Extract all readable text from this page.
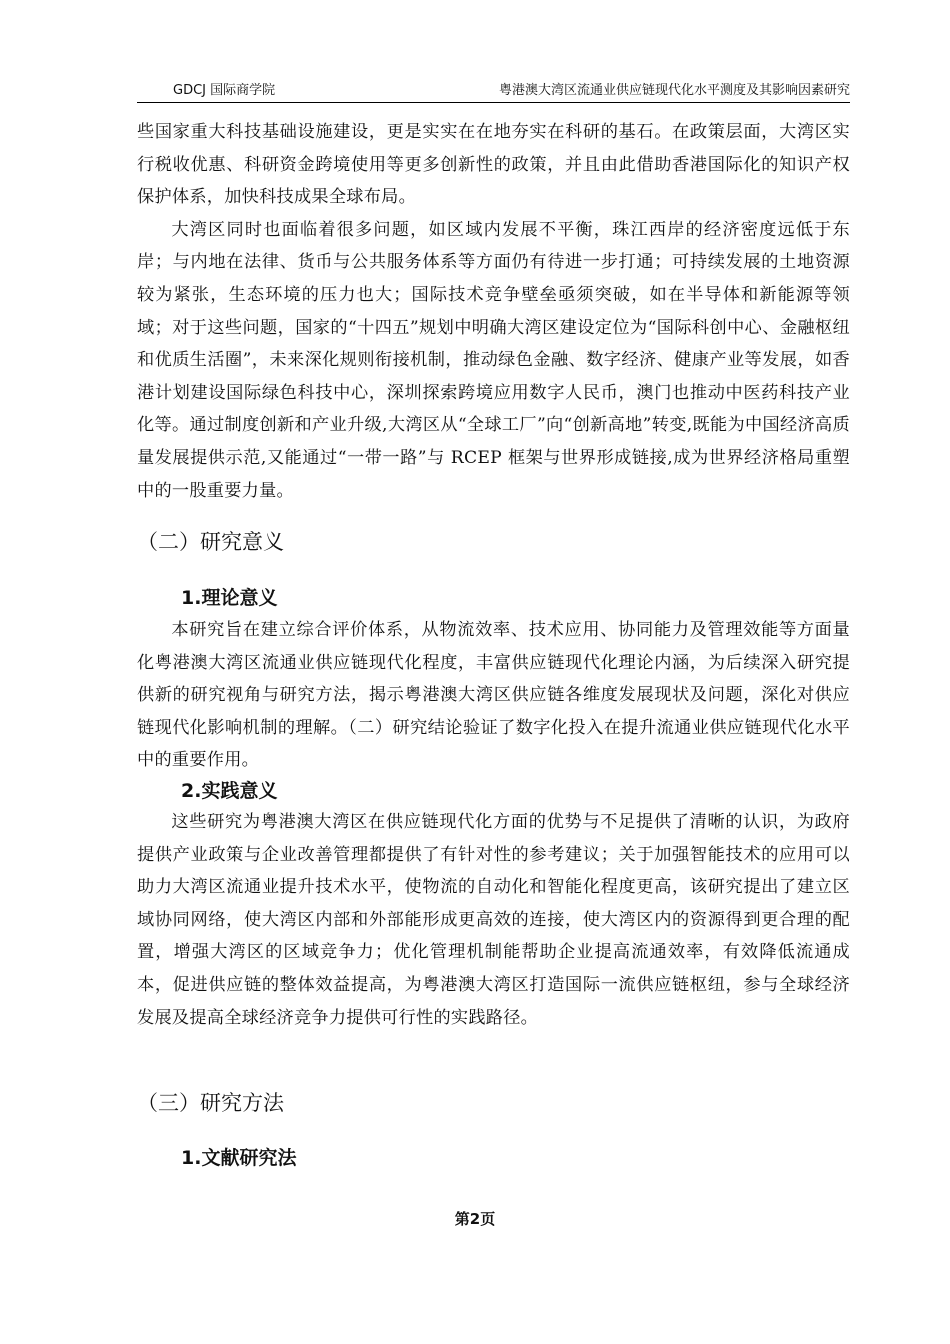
GDCJ 国际商学院	粤港澳大湾区流通业供应链现代化水平测度及其影响因素研究

些国家重大科技基础设施建设，更是实实在在地夯实在科研的基石。在政策层面，大湾区实行税收优惠、科研资金跨境使用等更多创新性的政策，并且由此借助香港国际化的知识产权保护体系，加快科技成果全球布局。

大湾区同时也面临着很多问题，如区域内发展不平衡，珠江西岸的经济密度远低于东岸；与内地在法律、货币与公共服务体系等方面仍有待进一步打通；可持续发展的土地资源较为紧张，生态环境的压力也大；国际技术竞争壁垒亟须突破，如在半导体和新能源等领域；对于这些问题，国家的“十四五”规划中明确大湾区建设定位为“国际科创中心、金融枢纽和优质生活圈”，未来深化规则衔接机制，推动绿色金融、数字经济、健康产业等发展，如香港计划建设国际绿色科技中心，深圳探索跨境应用数字人民币，澳门也推动中医药科技产业化等。通过制度创新和产业升级,大湾区从“全球工厂”向“创新高地”转变,既能为中国经济高质量发展提供示范,又能通过“一带一路”与 RCEP 框架与世界形成链接,成为世界经济格局重塑中的一股重要力量。

（二）研究意义
1.理论意义
本研究旨在建立综合评价体系，从物流效率、技术应用、协同能力及管理效能等方面量化粤港澳大湾区流通业供应链现代化程度，丰富供应链现代化理论内涵，为后续深入研究提供新的研究视角与研究方法，揭示粤港澳大湾区供应链各维度发展现状及问题，深化对供应链现代化影响机制的理解。（二）研究结论验证了数字化投入在提升流通业供应链现代化水平中的重要作用。
2.实践意义
这些研究为粤港澳大湾区在供应链现代化方面的优势与不足提供了清晰的认识，为政府提供产业政策与企业改善管理都提供了有针对性的参考建议；关于加强智能技术的应用可以助力大湾区流通业提升技术水平，使物流的自动化和智能化程度更高，该研究提出了建立区域协同网络，使大湾区内部和外部能形成更高效的连接，使大湾区内的资源得到更合理的配置，增强大湾区的区域竞争力；优化管理机制能帮助企业提高流通效率，有效降低流通成本，促进供应链的整体效益提高，为粤港澳大湾区打造国际一流供应链枢纽，参与全球经济发展及提高全球经济竞争力提供可行性的实践路径。
（三）研究方法
1.文献研究法
第2页
